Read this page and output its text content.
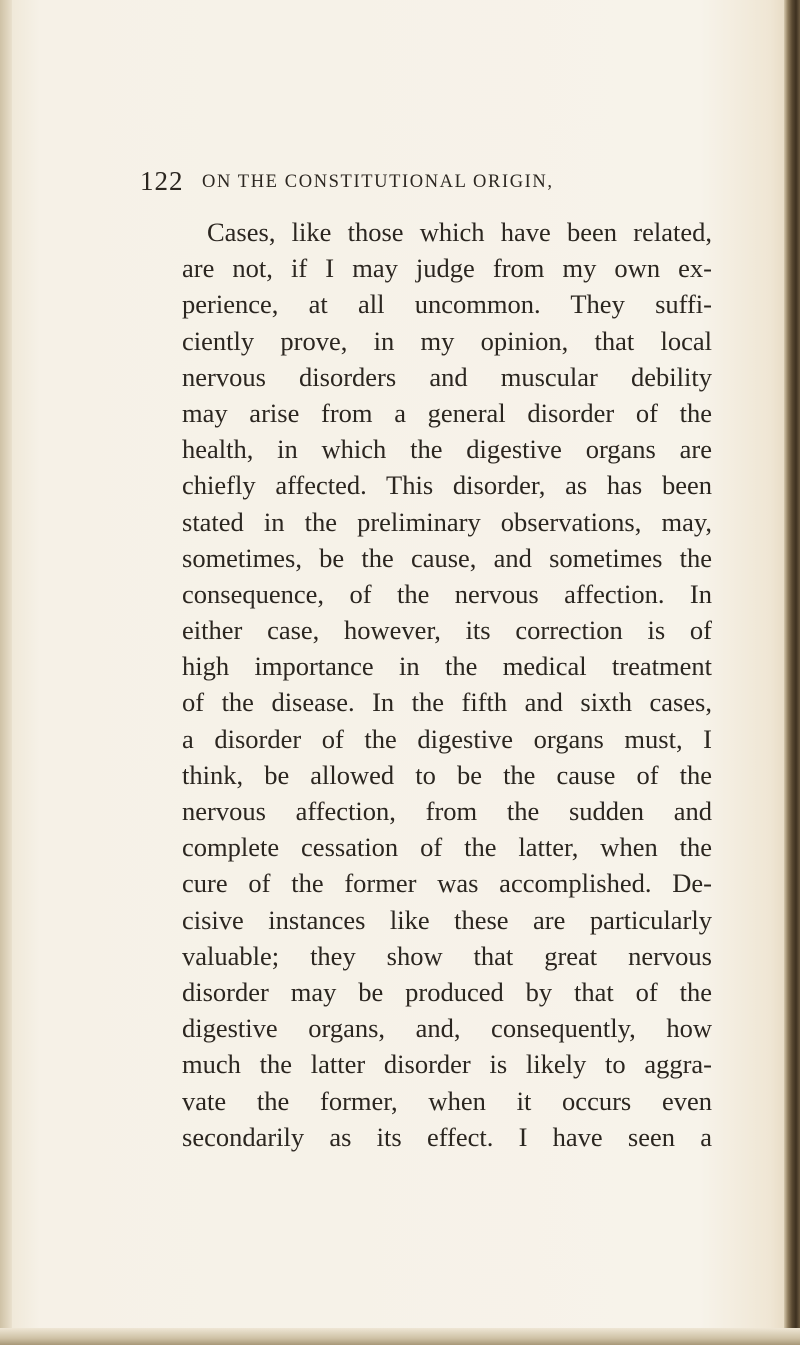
122 ON THE CONSTITUTIONAL ORIGIN,
Cases, like those which have been related,
are not, if I may judge from my own ex-
perience, at all uncommon. They suffi-
ciently prove, in my opinion, that local
nervous disorders and muscular debility
may arise from a general disorder of the
health, in which the digestive organs are
chiefly affected. This disorder, as has been
stated in the preliminary observations, may,
sometimes, be the cause, and sometimes the
consequence, of the nervous affection. In
either case, however, its correction is of
high importance in the medical treatment
of the disease. In the fifth and sixth cases,
a disorder of the digestive organs must, I
think, be allowed to be the cause of the
nervous affection, from the sudden and
complete cessation of the latter, when the
cure of the former was accomplished. De-
cisive instances like these are particularly
valuable; they show that great nervous
disorder may be produced by that of the
digestive organs, and, consequently, how
much the latter disorder is likely to aggra-
vate the former, when it occurs even
secondarily as its effect. I have seen a
